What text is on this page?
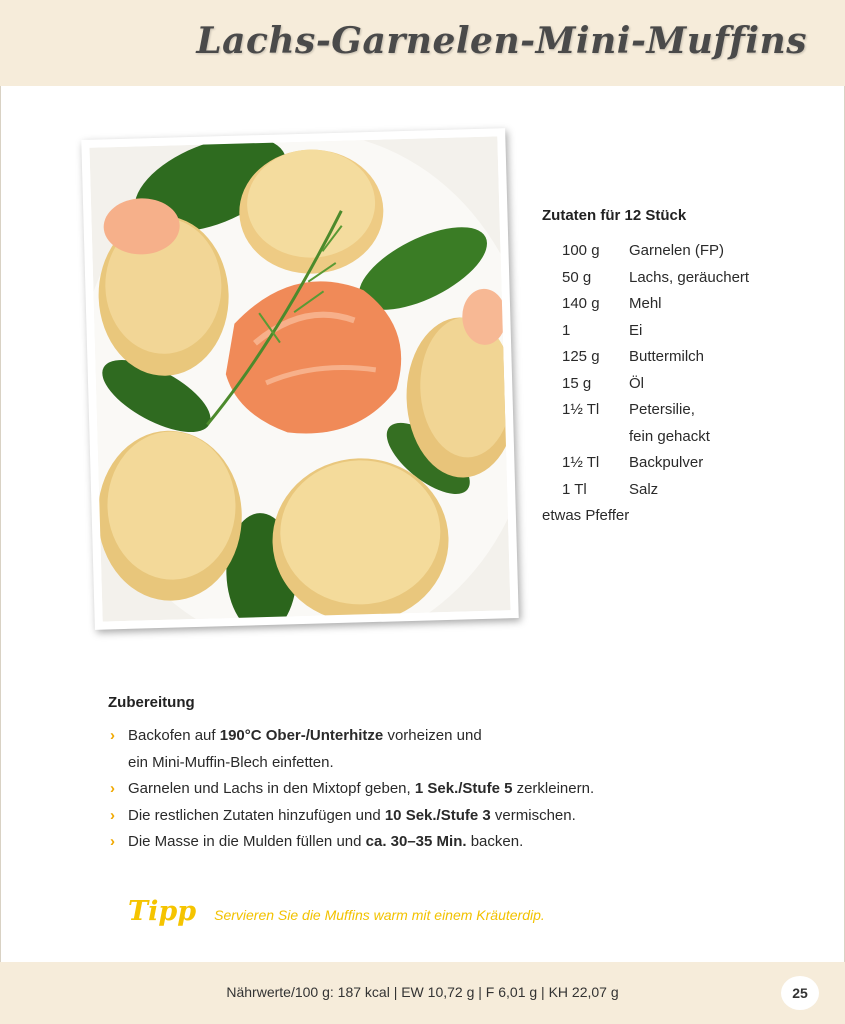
Lachs-Garnelen-Mini-Muffins
Zutaten für 12 Stück
100 g	Garnelen (FP)
50 g	Lachs, geräuchert
140 g	Mehl
1	Ei
125 g	Buttermilch
15 g	Öl
1½ Tl	Petersilie,
fein gehackt
1½ Tl	Backpulver
1 Tl	Salz
etwas Pfeffer
Zubereitung
› Backofen auf 190°C Ober-/Unterhitze vorheizen und
ein Mini-Muffin-Blech einfetten.
› Garnelen und Lachs in den Mixtopf geben, 1 Sek./Stufe 5 zerkleinern.
› Die restlichen Zutaten hinzufügen und 10 Sek./Stufe 3 vermischen.
› Die Masse in die Mulden füllen und ca. 30–35 Min. backen.
Tipp Servieren Sie die Muffins warm mit einem Kräuterdip.
Nährwerte/100 g: 187 kcal | EW 10,72 g | F 6,01 g | KH 22,07 g	25
